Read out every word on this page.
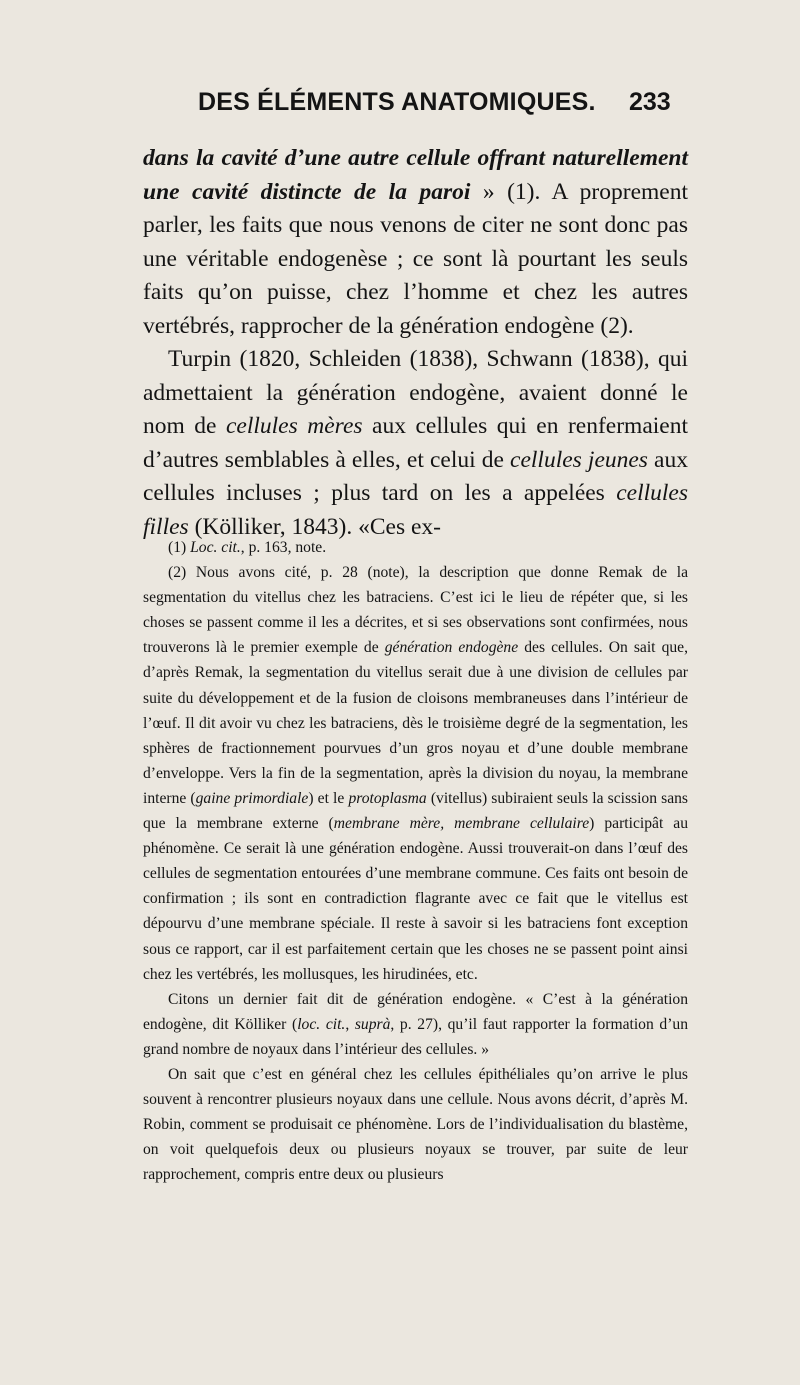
DES ÉLÉMENTS ANATOMIQUES. 233

dans la cavité d’une autre cellule offrant naturellement une cavité distincte de la paroi » (1). A proprement parler, les faits que nous venons de citer ne sont donc pas une véritable endogenèse ; ce sont là pourtant les seuls faits qu’on puisse, chez l’homme et chez les autres vertébrés, rapprocher de la génération endogène (2).

Turpin (1820, Schleiden (1838), Schwann (1838), qui admettaient la génération endogène, avaient donné le nom de cellules mères aux cellules qui en renfermaient d’autres semblables à elles, et celui de cellules jeunes aux cellules incluses ; plus tard on les a appelées cellules filles (Kölliker, 1843). «Ces ex-

(1) Loc. cit., p. 163, note.

(2) Nous avons cité, p. 28 (note), la description que donne Remak de la segmentation du vitellus chez les batraciens. C’est ici le lieu de répéter que, si les choses se passent comme il les a décrites, et si ses observations sont confirmées, nous trouverons là le premier exemple de génération endogène des cellules. On sait que, d’après Remak, la segmentation du vitellus serait due à une division de cellules par suite du développement et de la fusion de cloisons membraneuses dans l’intérieur de l’œuf. Il dit avoir vu chez les batraciens, dès le troisième degré de la segmentation, les sphères de fractionnement pourvues d’un gros noyau et d’une double membrane d’enveloppe. Vers la fin de la segmentation, après la division du noyau, la membrane interne (gaine primordiale) et le protoplasma (vitellus) subiraient seuls la scission sans que la membrane externe (membrane mère, membrane cellulaire) participât au phénomène. Ce serait là une génération endogène. Aussi trouverait-on dans l’œuf des cellules de segmentation entourées d’une membrane commune. Ces faits ont besoin de confirmation ; ils sont en contradiction flagrante avec ce fait que le vitellus est dépourvu d’une membrane spéciale. Il reste à savoir si les batraciens font exception sous ce rapport, car il est parfaitement certain que les choses ne se passent point ainsi chez les vertébrés, les mollusques, les hirudinées, etc.

Citons un dernier fait dit de génération endogène. « C’est à la génération endogène, dit Kölliker (loc. cit., suprà, p. 27), qu’il faut rapporter la formation d’un grand nombre de noyaux dans l’intérieur des cellules. »

On sait que c’est en général chez les cellules épithéliales qu’on arrive le plus souvent à rencontrer plusieurs noyaux dans une cellule. Nous avons décrit, d’après M. Robin, comment se produisait ce phénomène. Lors de l’individualisation du blastème, on voit quelquefois deux ou plusieurs noyaux se trouver, par suite de leur rapprochement, compris entre deux ou plusieurs
